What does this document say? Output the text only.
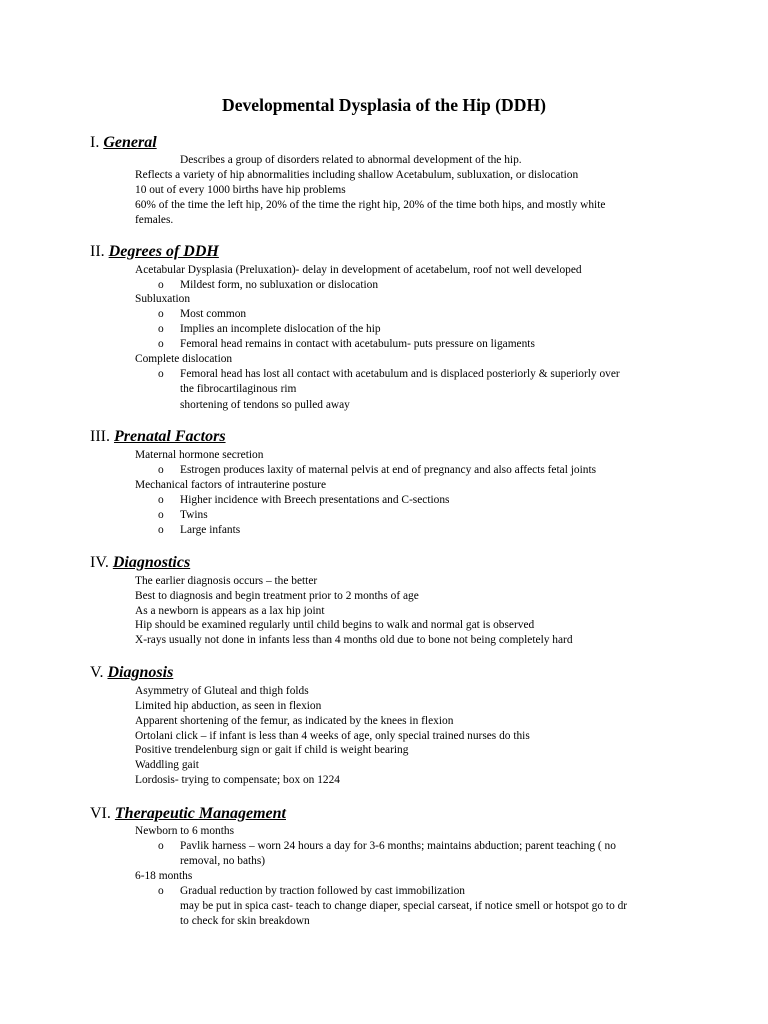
Developmental Dysplasia of the Hip (DDH)
I. General
Describes a group of disorders related to abnormal development of the hip.
Reflects a variety of hip abnormalities including shallow Acetabulum, subluxation, or dislocation
10 out of every 1000 births have hip problems
60% of the time the left hip, 20% of the time the right hip, 20% of the time both hips, and mostly white
females.
II. Degrees of DDH
Acetabular Dysplasia (Preluxation)- delay in development of acetabelum, roof not well developed
o Mildest form, no subluxation or dislocation
Subluxation
o Most common
o Implies an incomplete dislocation of the hip
o Femoral head remains in contact with acetabulum- puts pressure on ligaments
Complete dislocation
o Femoral head has lost all contact with acetabulum and is displaced posteriorly & superiorly over
the fibrocartilaginous rim
shortening of tendons so pulled away
III. Prenatal Factors
Maternal hormone secretion
o Estrogen produces laxity of maternal pelvis at end of pregnancy and also affects fetal joints
Mechanical factors of intrauterine posture
o Higher incidence with Breech presentations and C-sections
o Twins
o Large infants
IV. Diagnostics
The earlier diagnosis occurs – the better
Best to diagnosis and begin treatment prior to 2 months of age
As a newborn is appears as a lax hip joint
Hip should be examined regularly until child begins to walk and normal gat is observed
X-rays usually not done in infants less than 4 months old due to bone not being completely hard
V. Diagnosis
Asymmetry of Gluteal and thigh folds
Limited hip abduction, as seen in flexion
Apparent shortening of the femur, as indicated by the knees in flexion
Ortolani click – if infant is less than 4 weeks of age, only special trained nurses do this
Positive trendelenburg sign or gait if child is weight bearing
Waddling gait
Lordosis- trying to compensate; box on 1224
VI. Therapeutic Management
Newborn to 6 months
o Pavlik harness – worn 24 hours a day for 3-6 months; maintains abduction; parent teaching ( no
removal, no baths)
6-18 months
o Gradual reduction by traction followed by cast immobilization
may be put in spica cast- teach to change diaper, special carseat, if notice smell or hotspot go to dr
to check for skin breakdown
